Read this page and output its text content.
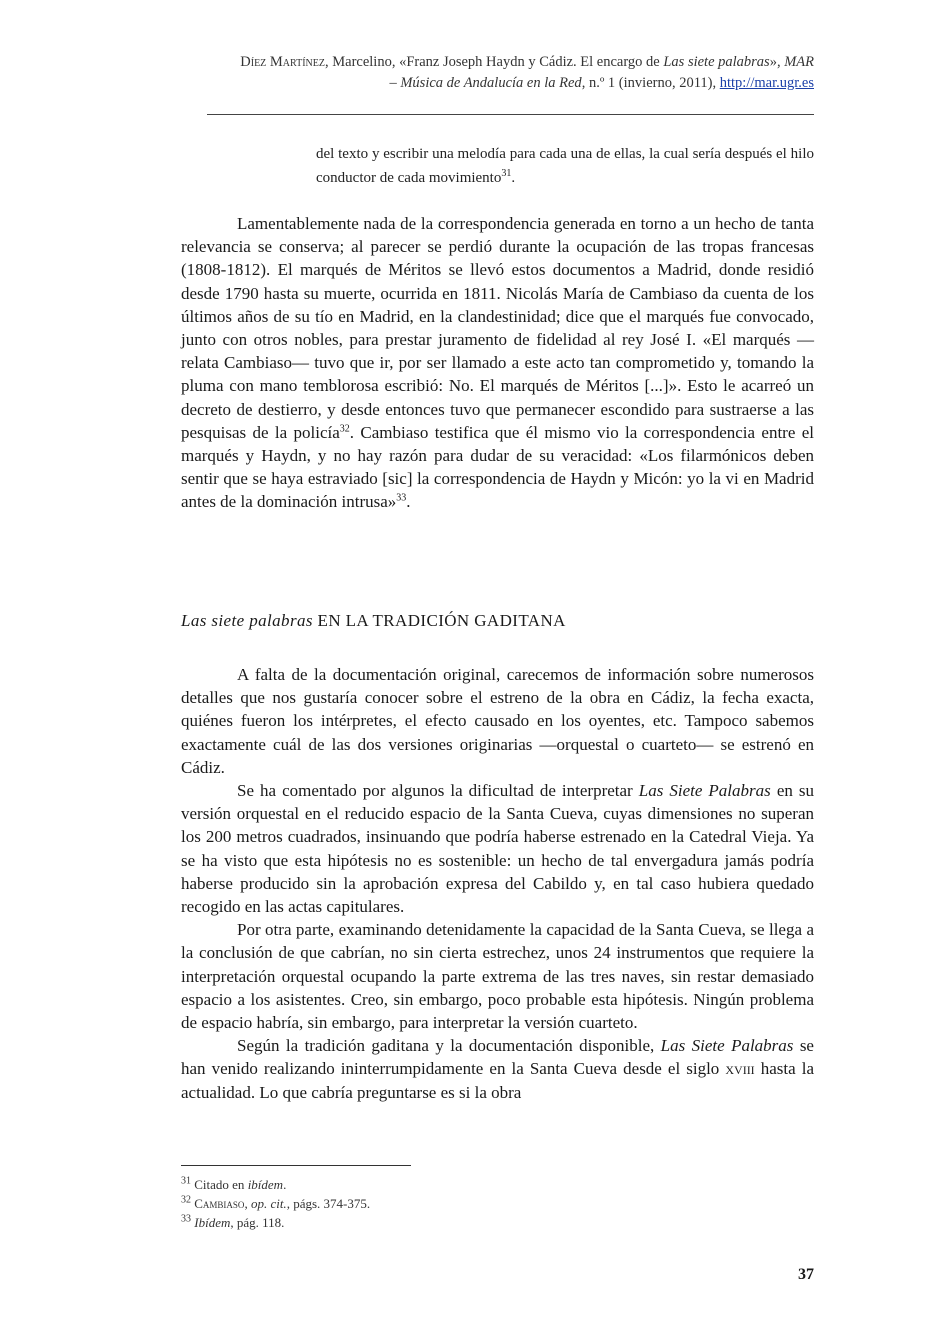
Díez Martínez, Marcelino, «Franz Joseph Haydn y Cádiz. El encargo de Las siete palabras», MAR
– Música de Andalucía en la Red, n.º 1 (invierno, 2011), http://mar.ugr.es
del texto y escribir una melodía para cada una de ellas, la cual sería después el hilo conductor de cada movimiento$^{31}$.

Lamentablemente nada de la correspondencia generada en torno a un hecho de tanta relevancia se conserva; al parecer se perdió durante la ocupación de las tropas francesas (1808-1812). El marqués de Méritos se llevó estos documentos a Madrid, donde residió desde 1790 hasta su muerte, ocurrida en 1811. Nicolás María de Cambiaso da cuenta de los últimos años de su tío en Madrid, en la clandestinidad; dice que el marqués fue convocado, junto con otros nobles, para prestar juramento de fidelidad al rey José I. «El marqués —relata Cambiaso— tuvo que ir, por ser llamado a este acto tan comprometido y, tomando la pluma con mano temblorosa escribió: No. El marqués de Méritos [...]». Esto le acarreó un decreto de destierro, y desde entonces tuvo que permanecer escondido para sustraerse a las pesquisas de la policía$^{32}$. Cambiaso testifica que él mismo vio la correspondencia entre el marqués y Haydn, y no hay razón para dudar de su veracidad: «Los filarmónicos deben sentir que se haya estraviado [sic] la correspondencia de Haydn y Micón: yo la vi en Madrid antes de la dominación intrusa»$^{33}$.

Las siete palabras EN LA TRADICIÓN GADITANA

A falta de la documentación original, carecemos de información sobre numerosos detalles que nos gustaría conocer sobre el estreno de la obra en Cádiz, la fecha exacta, quiénes fueron los intérpretes, el efecto causado en los oyentes, etc. Tampoco sabemos exactamente cuál de las dos versiones originarias —orquestal o cuarteto— se estrenó en Cádiz.

Se ha comentado por algunos la dificultad de interpretar Las Siete Palabras en su versión orquestal en el reducido espacio de la Santa Cueva, cuyas dimensiones no superan los 200 metros cuadrados, insinuando que podría haberse estrenado en la Catedral Vieja. Ya se ha visto que esta hipótesis no es sostenible: un hecho de tal envergadura jamás podría haberse producido sin la aprobación expresa del Cabildo y, en tal caso hubiera quedado recogido en las actas capitulares.

Por otra parte, examinando detenidamente la capacidad de la Santa Cueva, se llega a la conclusión de que cabrían, no sin cierta estrechez, unos 24 instrumentos que requiere la interpretación orquestal ocupando la parte extrema de las tres naves, sin restar demasiado espacio a los asistentes. Creo, sin embargo, poco probable esta hipótesis. Ningún problema de espacio habría, sin embargo, para interpretar la versión cuarteto.

Según la tradición gaditana y la documentación disponible, Las Siete Palabras se han venido realizando ininterrumpidamente en la Santa Cueva desde el siglo xviii hasta la actualidad. Lo que cabría preguntarse es si la obra

$^{31}$ Citado en ibídem.
$^{32}$ Cambiaso, op. cit., págs. 374-375.
$^{33}$ Ibídem, pág. 118.
37
